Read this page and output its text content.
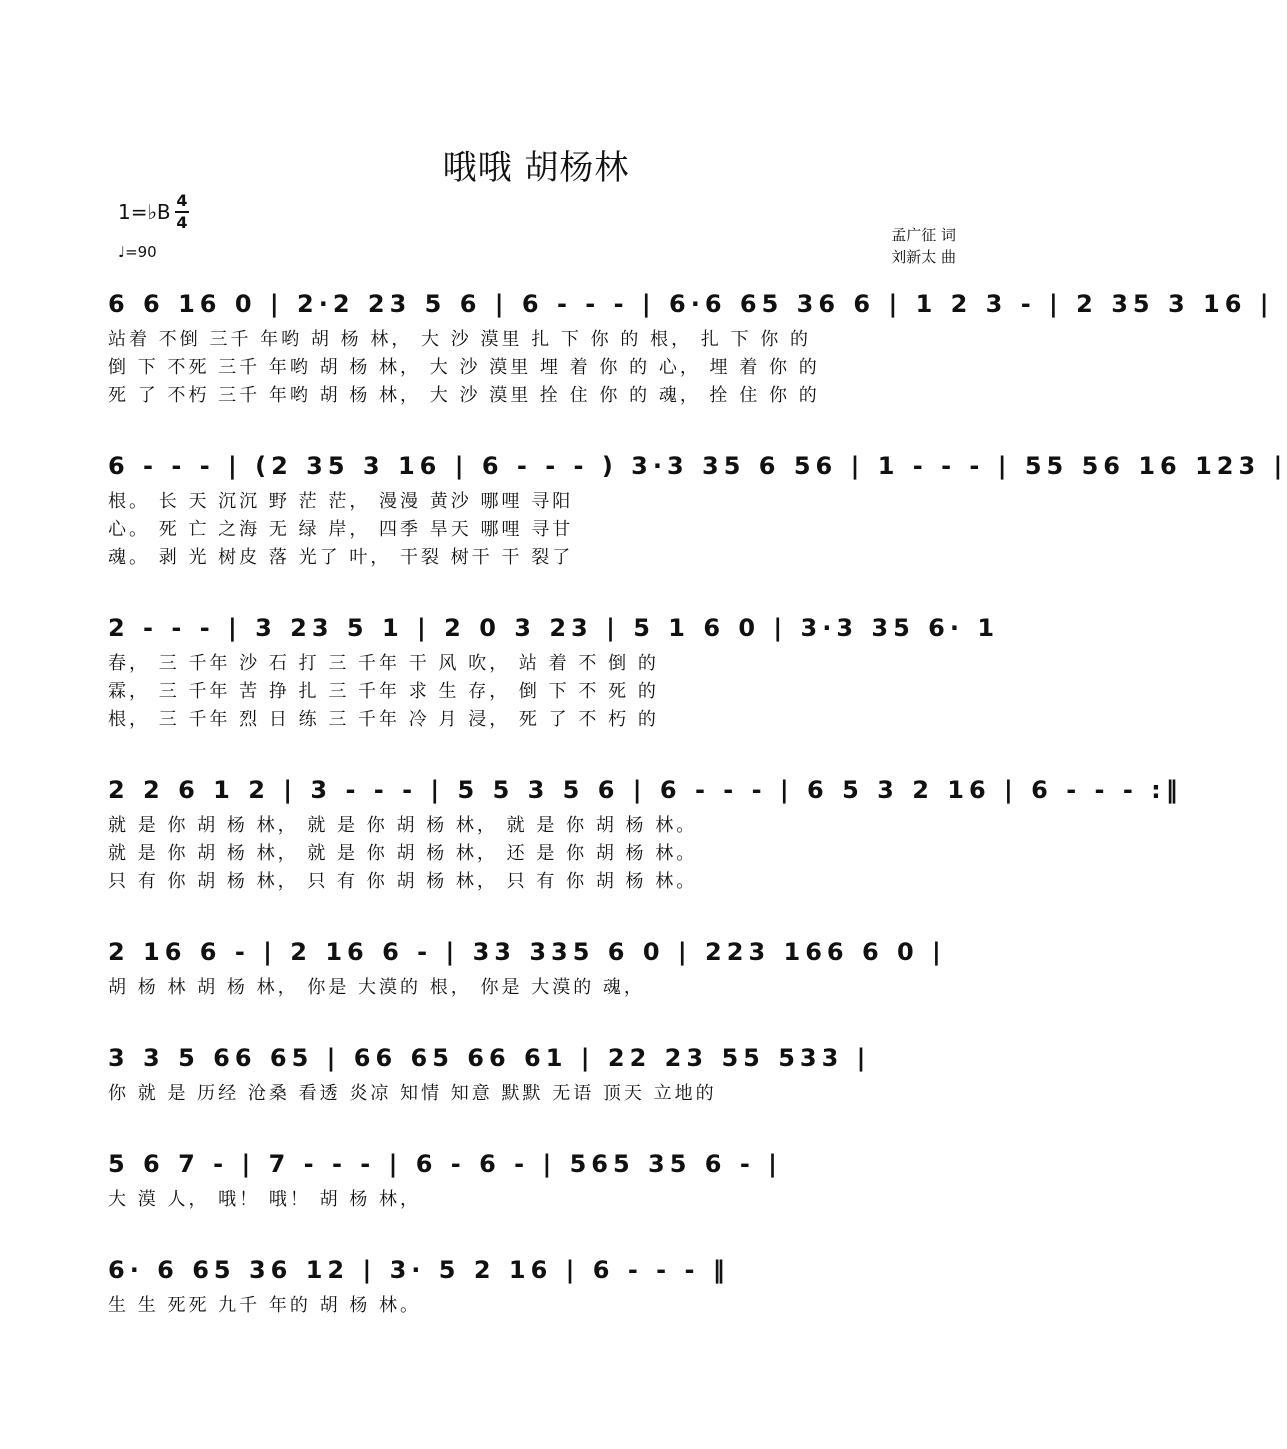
哦哦 胡杨林
1=♭B 4
4
♩=90
孟广征 词
刘新太 曲
6 6 16 0 | 2·2 23 5 6 | 6 - - - | 6·6 65 36 6 | 1 2 3 - | 2 35 3 16 |
站着 不倒 三千 年哟 胡 杨 林， 大 沙 漠里 扎 下 你 的 根， 扎 下 你 的
倒 下 不死 三千 年哟 胡 杨 林， 大 沙 漠里 埋 着 你 的 心， 埋 着 你 的
死 了 不朽 三千 年哟 胡 杨 林， 大 沙 漠里 拴 住 你 的 魂， 拴 住 你 的
6 - - - | (2 35 3 16 | 6 - - - ) 3·3 35 6 56 | 1 - - - | 55 56 16 123 |
根。 长 天 沉沉 野 茫 茫， 漫漫 黄沙 哪哩 寻阳
心。 死 亡 之海 无 绿 岸， 四季 旱天 哪哩 寻甘
魂。 剥 光 树皮 落 光了 叶， 干裂 树干 干 裂了
2 - - - | 3 23 5 1 | 2 0 3 23 | 5 1 6 0 | 3·3 35 6· 1
春， 三 千年 沙 石 打 三 千年 干 风 吹， 站 着 不 倒 的
霖， 三 千年 苦 挣 扎 三 千年 求 生 存， 倒 下 不 死 的
根， 三 千年 烈 日 练 三 千年 冷 月 浸， 死 了 不 朽 的
2 2 6 1 2 | 3 - - - | 5 5 3 5 6 | 6 - - - | 6 5 3 2 16 | 6 - - - :‖
就 是 你 胡 杨 林， 就 是 你 胡 杨 林， 就 是 你 胡 杨 林。
就 是 你 胡 杨 林， 就 是 你 胡 杨 林， 还 是 你 胡 杨 林。
只 有 你 胡 杨 林， 只 有 你 胡 杨 林， 只 有 你 胡 杨 林。
2 16 6 - | 2 16 6 - | 33 335 6 0 | 223 166 6 0 |
胡 杨 林 胡 杨 林， 你是 大漠的 根， 你是 大漠的 魂，
3 3 5 66 65 | 66 65 66 61 | 22 23 55 533 |
你 就 是 历经 沧桑 看透 炎凉 知情 知意 默默 无语 顶天 立地的
5 6 7 - | 7 - - - | 6 - 6 - | 565 35 6 - |
大 漠 人， 哦！ 哦！ 胡 杨 林，
6· 6 65 36 12 | 3· 5 2 16 | 6 - - - ‖
生 生 死死 九千 年的 胡 杨 林。
